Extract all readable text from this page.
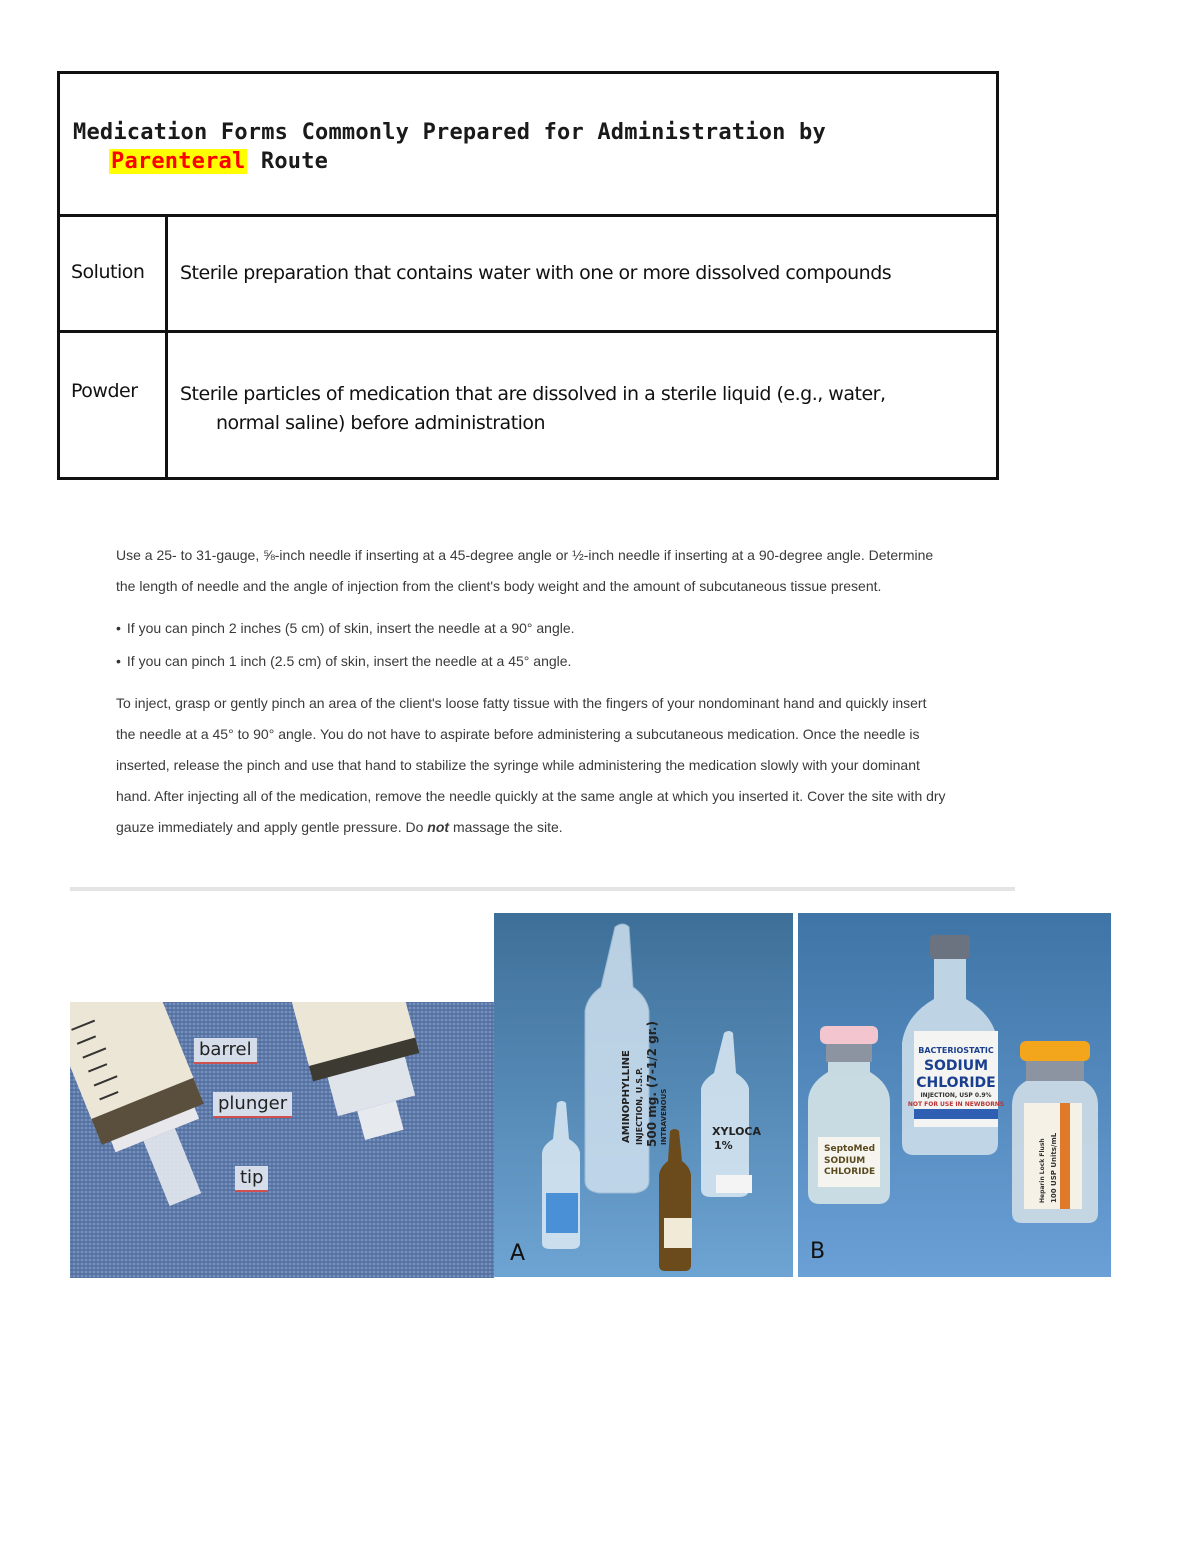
Medication Forms Commonly Prepared for Administration by
Parenteral Route
Solution	Sterile preparation that contains water with one or more dissolved compounds
Powder	Sterile particles of medication that are dissolved in a sterile liquid (e.g., water,
normal saline) before administration

Use a 25- to 31-gauge, ⅝-inch needle if inserting at a 45-degree angle or ½-inch needle if inserting at a 90-degree angle. Determine
the length of needle and the angle of injection from the client's body weight and the amount of subcutaneous tissue present.

• If you can pinch 2 inches (5 cm) of skin, insert the needle at a 90° angle.
• If you can pinch 1 inch (2.5 cm) of skin, insert the needle at a 45° angle.

To inject, grasp or gently pinch an area of the client's loose fatty tissue with the fingers of your nondominant hand and quickly insert
the needle at a 45° to 90° angle. You do not have to aspirate before administering a subcutaneous medication. Once the needle is
inserted, release the pinch and use that hand to stabilize the syringe while administering the medication slowly with your dominant
hand. After injecting all of the medication, remove the needle quickly at the same angle at which you inserted it. Cover the site with dry
gauze immediately and apply gentle pressure. Do not massage the site.

barrel
plunger
tip
AMINOPHYLLINE INJECTION, U.S.P. 500 mg. (7-1/2 gr.) INTRAVENOUS	XYLOCA
1%
A
BACTERIOSTATIC
SODIUM
CHLORIDE
INJECTION, USP 0.9%
NOT FOR USE IN NEWBORNS
SeptoMed
SODIUM
CHLORIDE	Heparin Lock Flush 100 USP Units/mL
B
